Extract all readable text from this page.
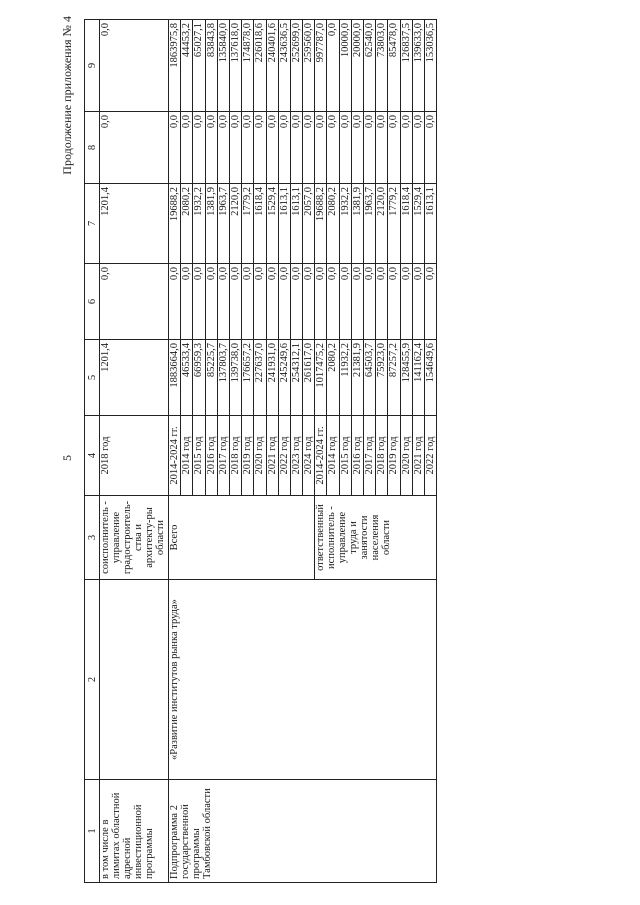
5
Продолжение приложения № 4
1	2	3	4	5	6	7	8	9
в том числе в лимитах областной адресной инвестиционной программы		соисполнитель - управление градостроитель-ства и архитекту-ры области	2018 год	1201,4	0,0	1201,4	0,0	0,0
Подпрограмма 2 государственной программы Тамбовской области	«Развитие институтов рынка труда»	Всего	2014-2024 гг.	1883664,0	0,0	19688,2	0,0	1863975,8
			2014 год	46533,4	0,0	2080,2	0,0	44453,2
			2015 год	66959,3	0,0	1932,2	0,0	65027,1
			2016 год	85225,7	0,0	1381,9	0,0	83843,8
			2017 год	137803,7	0,0	1963,7	0,0	135840,0
			2018 год	139738,0	0,0	2120,0	0,0	137618,0
			2019 год	176657,2	0,0	1779,2	0,0	174878,0
			2020 год	227637,0	0,0	1618,4	0,0	226018,6
			2021 год	241931,0	0,0	1529,4	0,0	240401,6
			2022 год	245249,6	0,0	1613,1	0,0	243636,5
			2023 год	254312,1	0,0	1613,1	0,0	252699,0
			2024 год	261617,0	0,0	2057,0	0,0	259560,0
		ответственный исполнитель - управление труда и занятости населения области	2014-2024 гг.	1017475,2	0,0	19688,2	0,0	997787,0
			2014 год	2080,2	0,0	2080,2	0,0	0,0
			2015 год	11932,2	0,0	1932,2	0,0	10000,0
			2016 год	21381,9	0,0	1381,9	0,0	20000,0
			2017 год	64503,7	0,0	1963,7	0,0	62540,0
			2018 год	75923,0	0,0	2120,0	0,0	73803,0
			2019 год	87257,2	0,0	1779,2	0,0	85478,0
			2020 год	128455,9	0,0	1618,4	0,0	126837,5
			2021 год	141162,4	0,0	1529,4	0,0	139633,0
			2022 год	154649,6	0,0	1613,1	0,0	153036,5
